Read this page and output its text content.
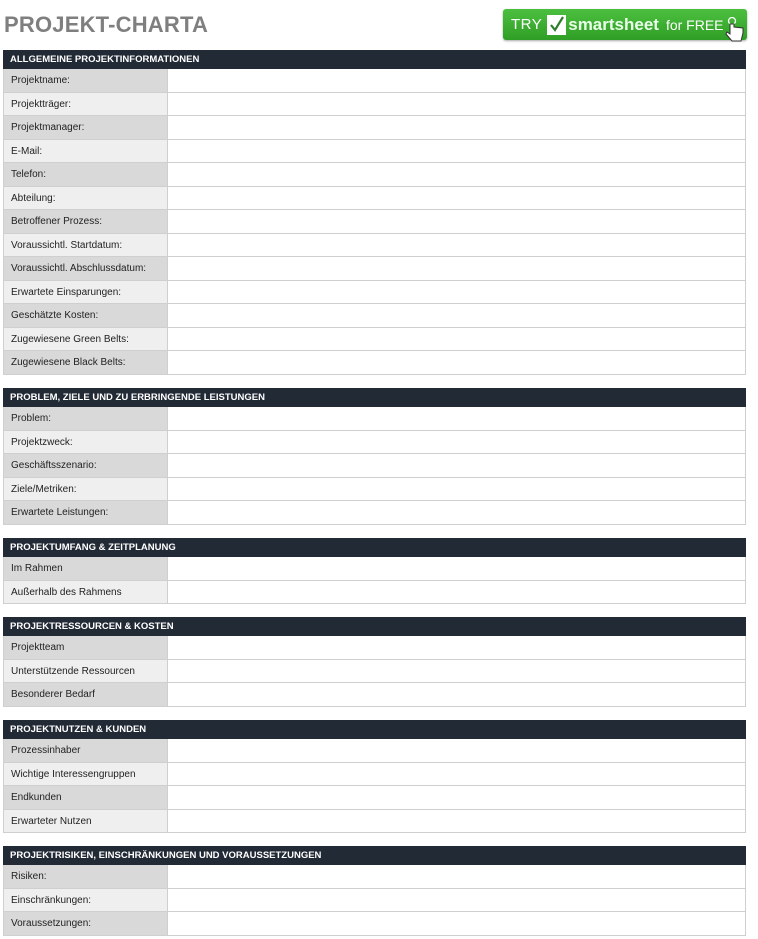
PROJEKT-CHARTA	TRY smartsheet for FREE
ALLGEMEINE PROJEKTINFORMATIONEN
Projektname:
Projektträger:
Projektmanager:
E-Mail:
Telefon:
Abteilung:
Betroffener Prozess:
Voraussichtl. Startdatum:
Voraussichtl. Abschlussdatum:
Erwartete Einsparungen:
Geschätzte Kosten:
Zugewiesene Green Belts:
Zugewiesene Black Belts:
PROBLEM, ZIELE UND ZU ERBRINGENDE LEISTUNGEN
Problem:
Projektzweck:
Geschäftsszenario:
Ziele/Metriken:
Erwartete Leistungen:
PROJEKTUMFANG & ZEITPLANUNG
Im Rahmen
Außerhalb des Rahmens
PROJEKTRESSOURCEN & KOSTEN
Projektteam
Unterstützende Ressourcen
Besonderer Bedarf
PROJEKTNUTZEN & KUNDEN
Prozessinhaber
Wichtige Interessengruppen
Endkunden
Erwarteter Nutzen
PROJEKTRISIKEN, EINSCHRÄNKUNGEN UND VORAUSSETZUNGEN
Risiken:
Einschränkungen:
Voraussetzungen:
